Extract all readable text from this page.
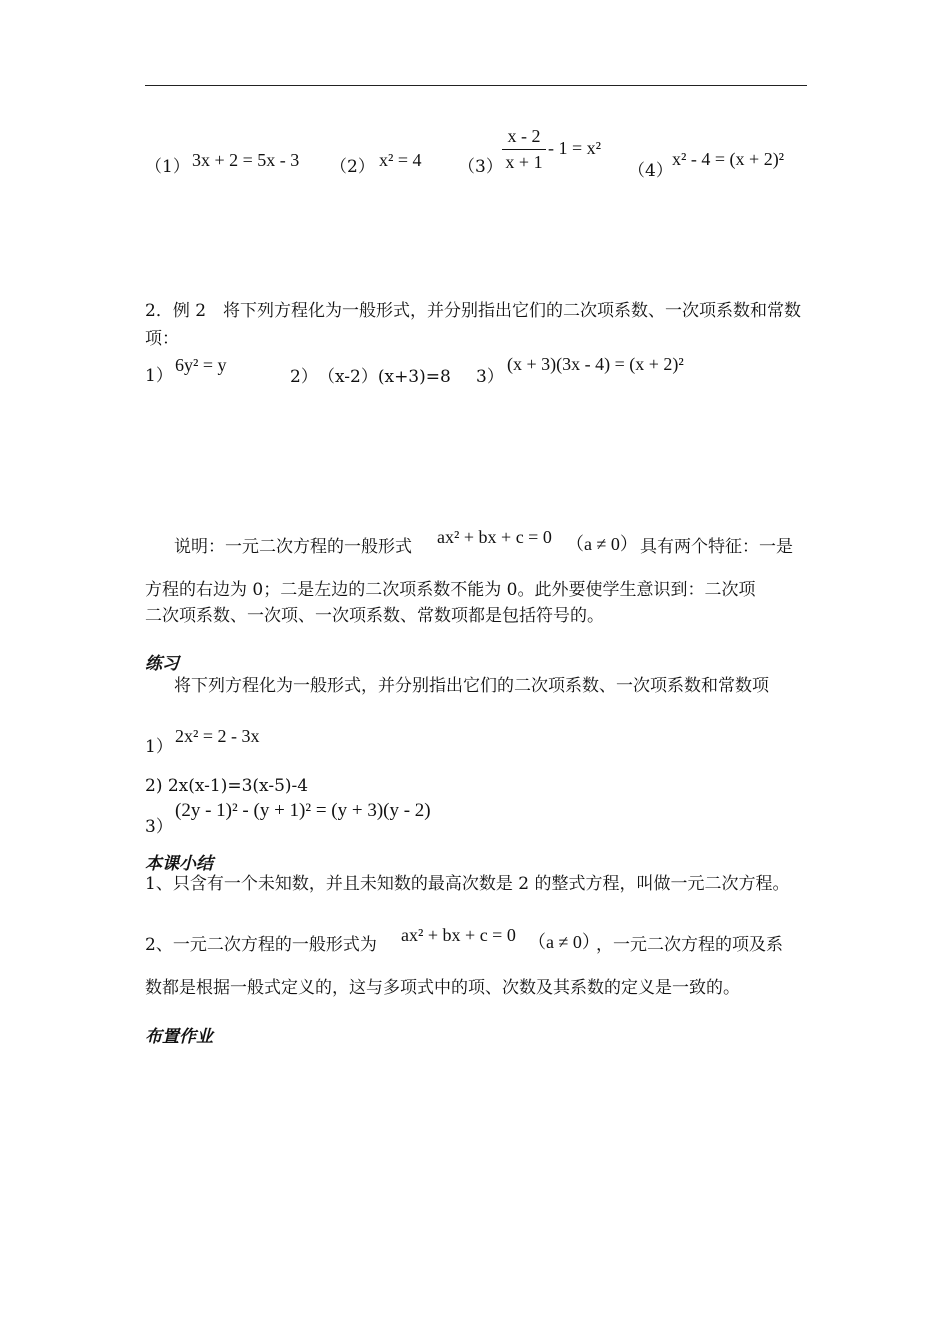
（1） 3x + 2 = 5x - 3 （2） x² = 4 （3）
x - 2
x + 1
- 1 = x²
（4）
x² - 4 = (x + 2)²
2．例 2　将下列方程化为一般形式，并分别指出它们的二次项系数、一次项系数和常数项：
1）
6y² = y
2） （x-2）(x+3)=8 3）
(x + 3)(3x - 4) = (x + 2)²
说明：一元二次方程的一般形式 ax² + bx + c = 0 （a ≠ 0） 具有两个特征：一是
方程的右边为 0；二是左边的二次项系数不能为 0。此外要使学生意识到：二次项
二次项系数、一次项、一次项系数、常数项都是包括符号的。
练习
将下列方程化为一般形式，并分别指出它们的二次项系数、一次项系数和常数项
1）
2x² = 2 - 3x
2) 2x(x-1)=3(x-5)-4
3）
(2y - 1)² - (y + 1)² = (y + 3)(y - 2)
本课小结
1、只含有一个未知数，并且未知数的最高次数是 2 的整式方程，叫做一元二次方程。
2、一元二次方程的一般形式为 ax² + bx + c = 0 （a ≠ 0）
，一元二次方程的项及系
数都是根据一般式定义的，这与多项式中的项、次数及其系数的定义是一致的。
布置作业
